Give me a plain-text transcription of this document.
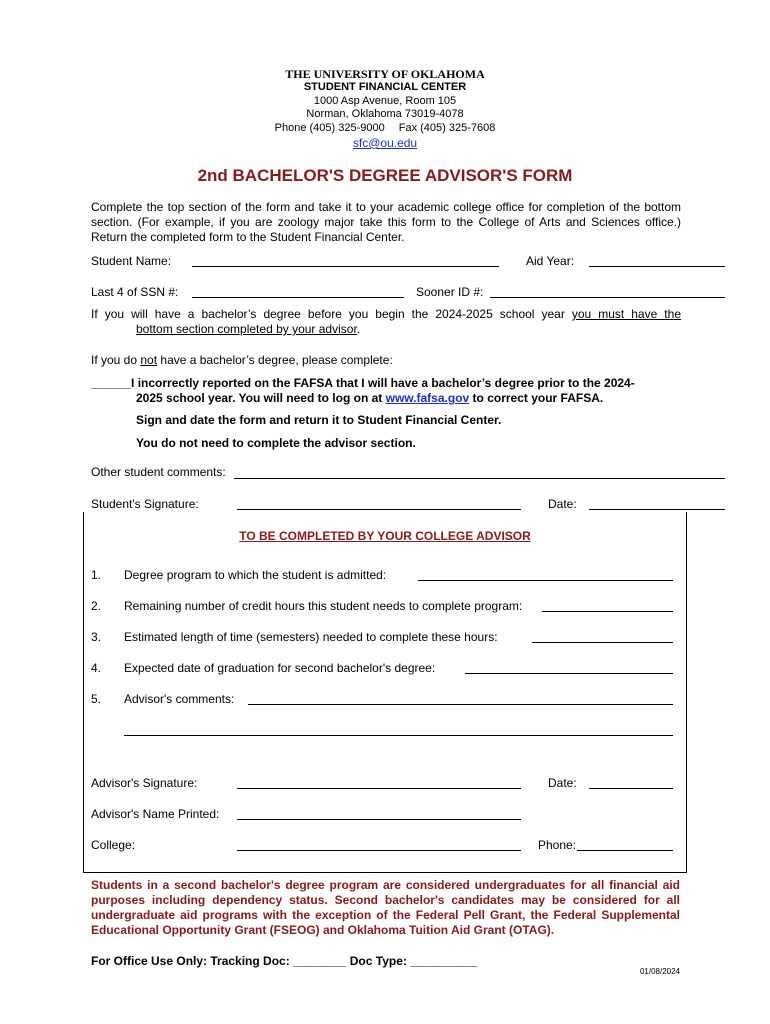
THE UNIVERSITY OF OKLAHOMA
STUDENT FINANCIAL CENTER
1000 Asp Avenue, Room 105
Norman, Oklahoma 73019-4078
Phone (405) 325-9000 Fax (405) 325-7608
sfc@ou.edu
2nd BACHELOR'S DEGREE ADVISOR'S FORM
Complete the top section of the form and take it to your academic college office for completion of the bottom section. (For example, if you are zoology major take this form to the College of Arts and Sciences office.) Return the completed form to the Student Financial Center.
Student Name:	Aid Year:
Last 4 of SSN #:	Sooner ID #:
If you will have a bachelor’s degree before you begin the 2024-2025 school year you must have the
bottom section completed by your advisor.
If you do not have a bachelor’s degree, please complete:
______I incorrectly reported on the FAFSA that I will have a bachelor’s degree prior to the 2024-
2025 school year. You will need to log on at www.fafsa.gov to correct your FAFSA.
Sign and date the form and return it to Student Financial Center.
You do not need to complete the advisor section.
Other student comments:
Student's Signature:	Date:
TO BE COMPLETED BY YOUR COLLEGE ADVISOR
1. Degree program to which the student is admitted:
2. Remaining number of credit hours this student needs to complete program:
3. Estimated length of time (semesters) needed to complete these hours:
4. Expected date of graduation for second bachelor's degree:
5. Advisor's comments:
Advisor's Signature:	Date:
Advisor's Name Printed:
College:	Phone:
Students in a second bachelor's degree program are considered undergraduates for all financial aid purposes including dependency status. Second bachelor's candidates may be considered for all undergraduate aid programs with the exception of the Federal Pell Grant, the Federal Supplemental Educational Opportunity Grant (FSEOG) and Oklahoma Tuition Aid Grant (OTAG).
For Office Use Only: Tracking Doc: ________ Doc Type: __________
01/08/2024
